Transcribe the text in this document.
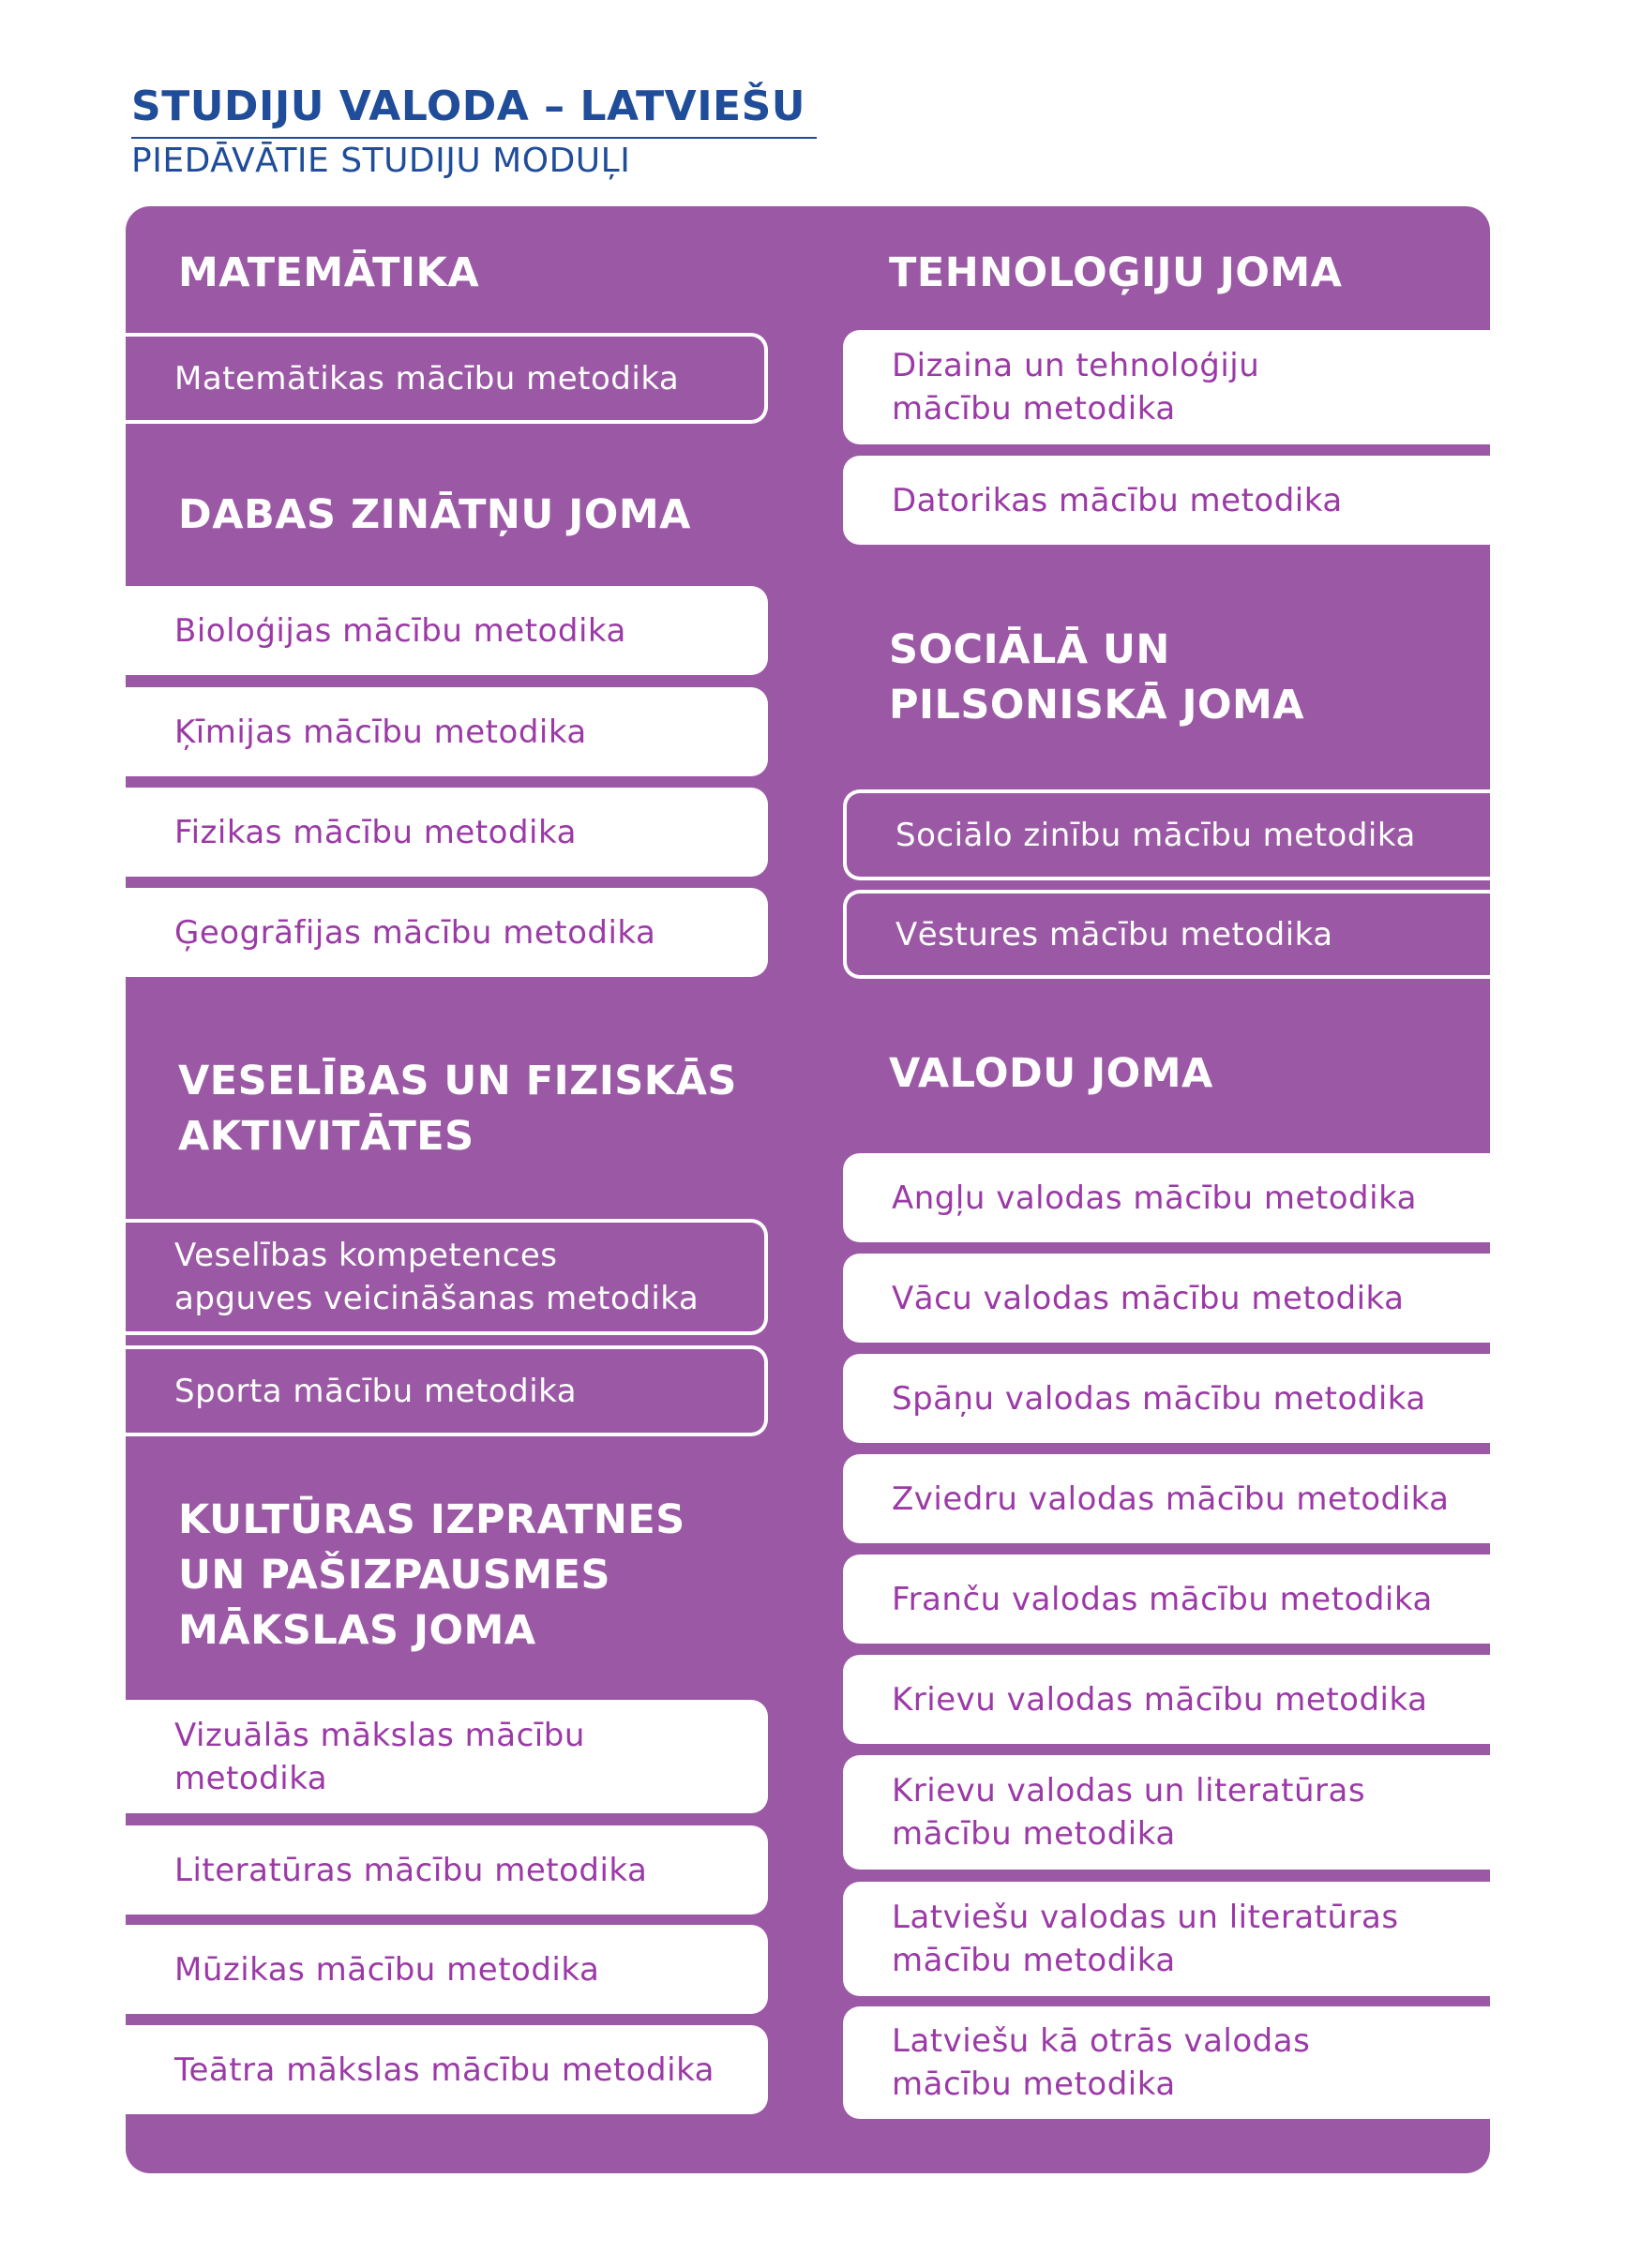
STUDIJU VALODA – LATVIEŠU
PIEDĀVĀTIE STUDIJU MODUĻI
MATEMĀTIKA
Matemātikas mācību metodika
DABAS ZINĀTŅU JOMA
Bioloģijas mācību metodika
Ķīmijas mācību metodika
Fizikas mācību metodika
Ģeogrāfijas mācību metodika
VESELĪBAS UN FIZISKĀS
AKTIVITĀTES
Veselības kompetences
apguves veicināšanas metodika
Sporta mācību metodika
KULTŪRAS IZPRATNES
UN PAŠIZPAUSMES
MĀKSLAS JOMA
Vizuālās mākslas mācību
metodika
Literatūras mācību metodika
Mūzikas mācību metodika
Teātra mākslas mācību metodika
TEHNOLOĢIJU JOMA
Dizaina un tehnoloģiju
mācību metodika
Datorikas mācību metodika
SOCIĀLĀ UN
PILSONISKĀ JOMA
Sociālo zinību mācību metodika
Vēstures mācību metodika
VALODU JOMA
Angļu valodas mācību metodika
Vācu valodas mācību metodika
Spāņu valodas mācību metodika
Zviedru valodas mācību metodika
Franču valodas mācību metodika
Krievu valodas mācību metodika
Krievu valodas un literatūras
mācību metodika
Latviešu valodas un literatūras
mācību metodika
Latviešu kā otrās valodas
mācību metodika
